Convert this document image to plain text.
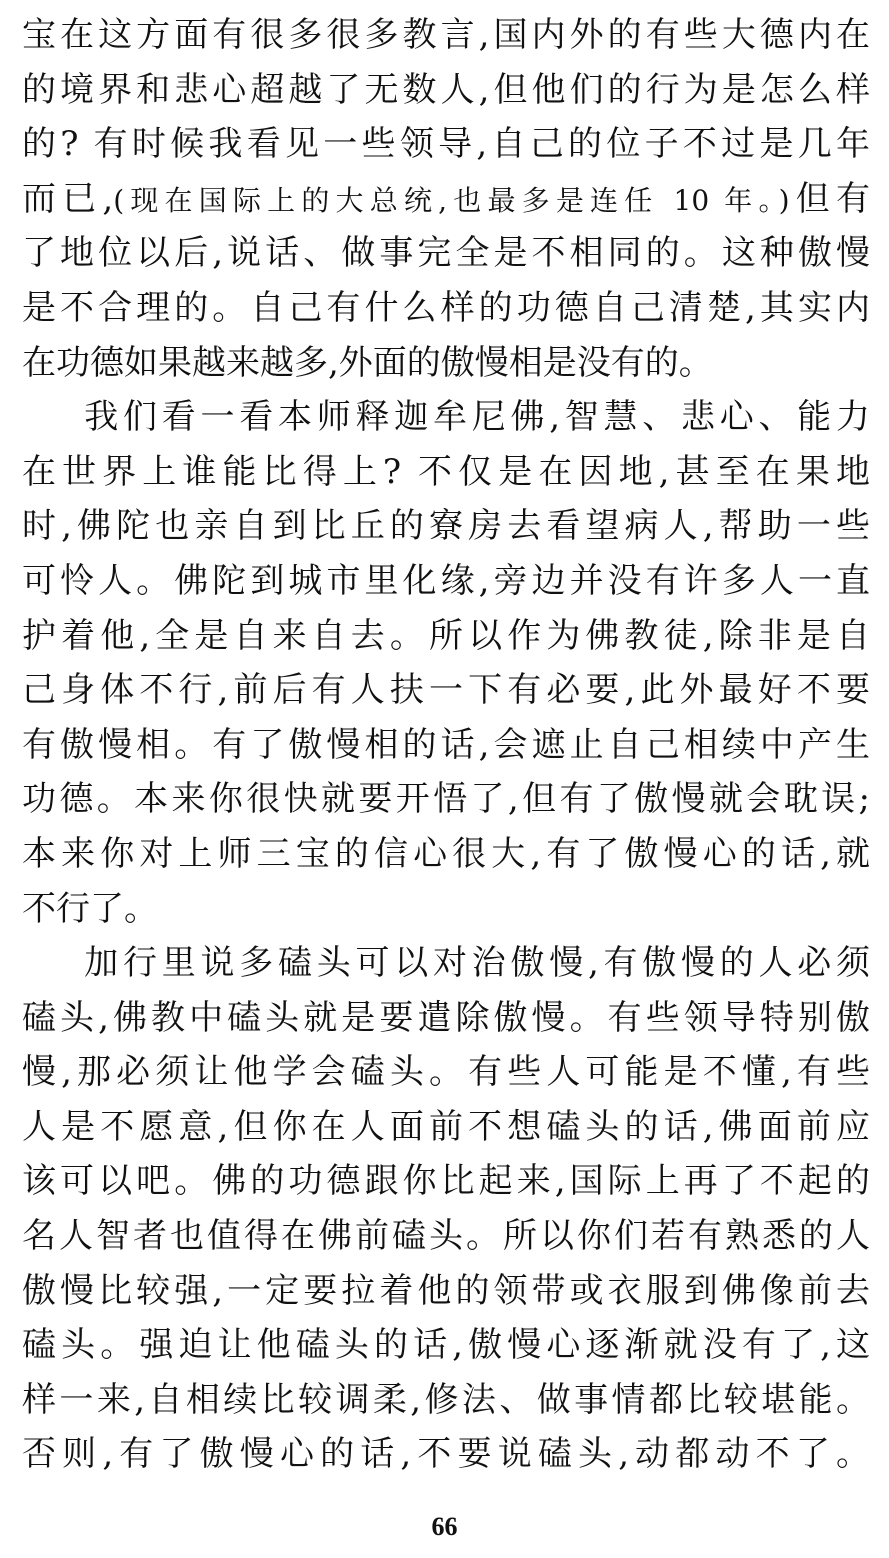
宝在这方面有很多很多教言,国内外的有些大德内在
的境界和悲心超越了无数人,但他们的行为是怎么样
的? 有时候我看见一些领导,自己的位子不过是几年
而已,(现在国际上的大总统,也最多是连任 10 年。)但有
了地位以后,说话、做事完全是不相同的。这种傲慢
是不合理的。自己有什么样的功德自己清楚,其实内
在功德如果越来越多,外面的傲慢相是没有的。
我们看一看本师释迦牟尼佛,智慧、悲心、能力
在世界上谁能比得上? 不仅是在因地,甚至在果地
时,佛陀也亲自到比丘的寮房去看望病人,帮助一些
可怜人。佛陀到城市里化缘,旁边并没有许多人一直
护着他,全是自来自去。所以作为佛教徒,除非是自
己身体不行,前后有人扶一下有必要,此外最好不要
有傲慢相。有了傲慢相的话,会遮止自己相续中产生
功德。本来你很快就要开悟了,但有了傲慢就会耽误;
本来你对上师三宝的信心很大,有了傲慢心的话,就
不行了。
加行里说多磕头可以对治傲慢,有傲慢的人必须
磕头,佛教中磕头就是要遣除傲慢。有些领导特别傲
慢,那必须让他学会磕头。有些人可能是不懂,有些
人是不愿意,但你在人面前不想磕头的话,佛面前应
该可以吧。佛的功德跟你比起来,国际上再了不起的
名人智者也值得在佛前磕头。所以你们若有熟悉的人
傲慢比较强,一定要拉着他的领带或衣服到佛像前去
磕头。强迫让他磕头的话,傲慢心逐渐就没有了,这
样一来,自相续比较调柔,修法、做事情都比较堪能。
否则,有了傲慢心的话,不要说磕头,动都动不了。
66
